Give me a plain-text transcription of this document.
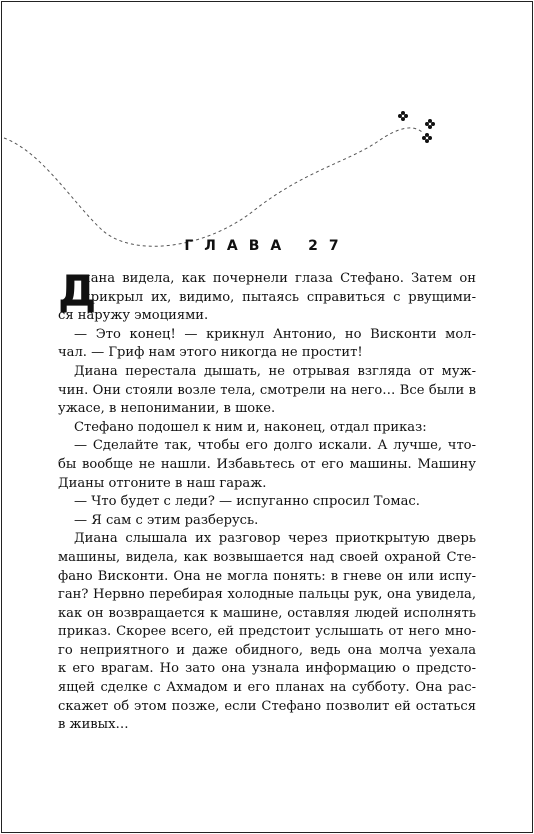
ГЛАВА 27
Д
иана видела, как почернели глаза Стефано. Затем он
прикрыл их, видимо, пытаясь справиться с рвущими-
ся наружу эмоциями.
— Это конец! — крикнул Антонио, но Висконти мол-
чал. — Гриф нам этого никогда не простит!
Диана перестала дышать, не отрывая взгляда от муж-
чин. Они стояли возле тела, смотрели на него… Все были в
ужасе, в непонимании, в шоке.
Стефано подошел к ним и, наконец, отдал приказ:
— Сделайте так, чтобы его долго искали. А лучше, что-
бы вообще не нашли. Избавьтесь от его машины. Машину
Дианы отгоните в наш гараж.
— Что будет с леди? — испуганно спросил Томас.
— Я сам с этим разберусь.
Диана слышала их разговор через приоткрытую дверь
машины, видела, как возвышается над своей охраной Сте-
фано Висконти. Она не могла понять: в гневе он или испу-
ган? Нервно перебирая холодные пальцы рук, она увидела,
как он возвращается к машине, оставляя людей исполнять
приказ. Скорее всего, ей предстоит услышать от него мно-
го неприятного и даже обидного, ведь она молча уехала
к его врагам. Но зато она узнала информацию о предсто-
ящей сделке с Ахмадом и его планах на субботу. Она рас-
скажет об этом позже, если Стефано позволит ей остаться
в живых…
